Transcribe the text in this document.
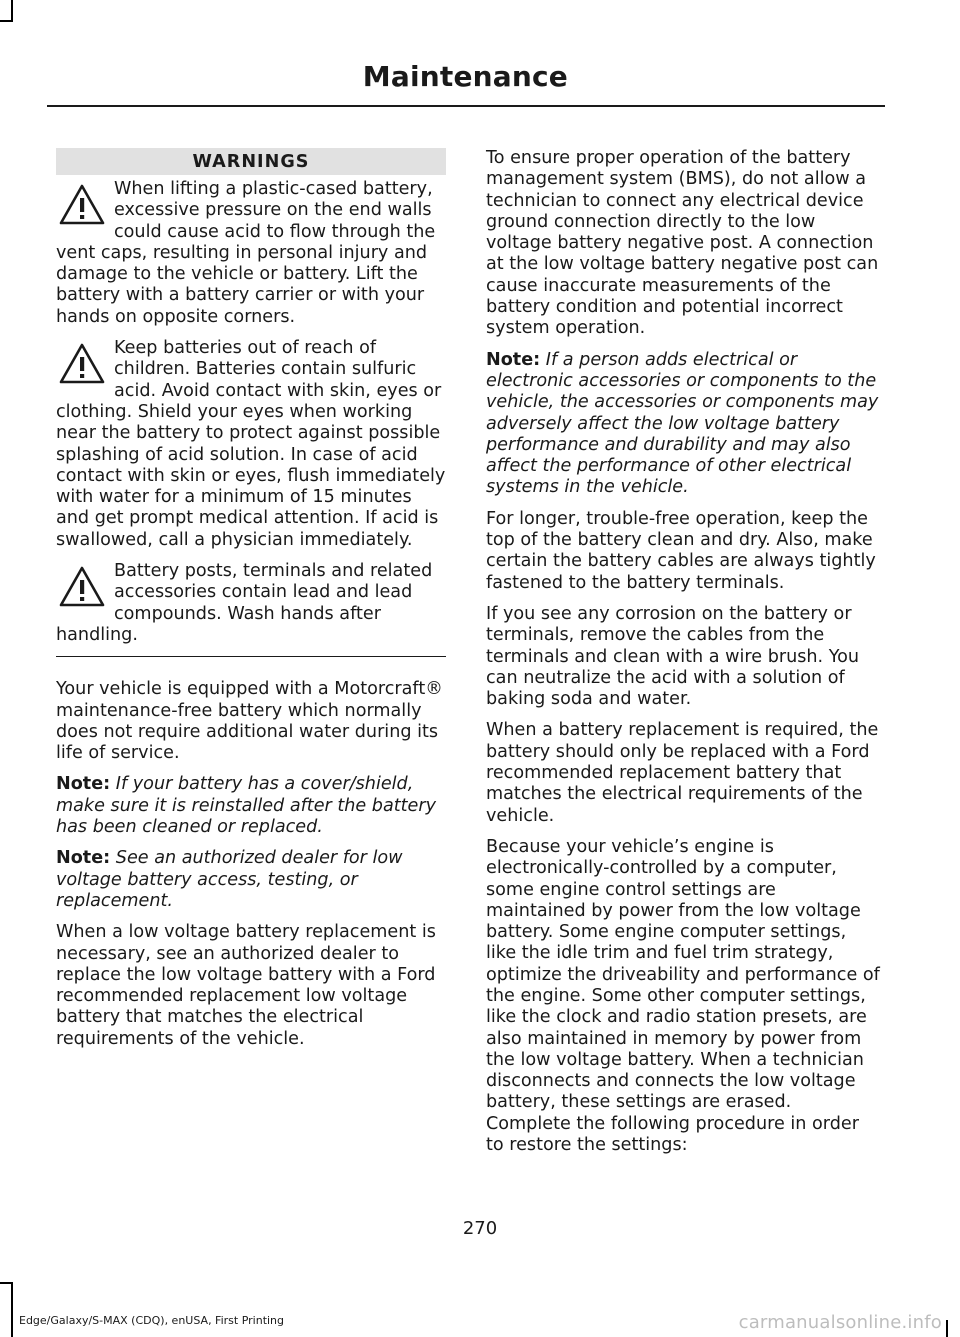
Maintenance
WARNINGS
When lifting a plastic-cased battery, excessive pressure on the end walls could cause acid to flow through the vent caps, resulting in personal injury and damage to the vehicle or battery. Lift the battery with a battery carrier or with your hands on opposite corners.
Keep batteries out of reach of children. Batteries contain sulfuric acid. Avoid contact with skin, eyes or clothing. Shield your eyes when working near the battery to protect against possible splashing of acid solution. In case of acid contact with skin or eyes, flush immediately with water for a minimum of 15 minutes and get prompt medical attention. If acid is swallowed, call a physician immediately.
Battery posts, terminals and related accessories contain lead and lead compounds. Wash hands after handling.

Your vehicle is equipped with a Motorcraft® maintenance-free battery which normally does not require additional water during its life of service.

Note: If your battery has a cover/shield, make sure it is reinstalled after the battery has been cleaned or replaced.

Note: See an authorized dealer for low voltage battery access, testing, or replacement.

When a low voltage battery replacement is necessary, see an authorized dealer to replace the low voltage battery with a Ford recommended replacement low voltage battery that matches the electrical requirements of the vehicle.

To ensure proper operation of the battery management system (BMS), do not allow a technician to connect any electrical device ground connection directly to the low voltage battery negative post. A connection at the low voltage battery negative post can cause inaccurate measurements of the battery condition and potential incorrect system operation.

Note: If a person adds electrical or electronic accessories or components to the vehicle, the accessories or components may adversely affect the low voltage battery performance and durability and may also affect the performance of other electrical systems in the vehicle.

For longer, trouble-free operation, keep the top of the battery clean and dry. Also, make certain the battery cables are always tightly fastened to the battery terminals.

If you see any corrosion on the battery or terminals, remove the cables from the terminals and clean with a wire brush. You can neutralize the acid with a solution of baking soda and water.

When a battery replacement is required, the battery should only be replaced with a Ford recommended replacement battery that matches the electrical requirements of the vehicle.

Because your vehicle’s engine is electronically-controlled by a computer, some engine control settings are maintained by power from the low voltage battery. Some engine computer settings, like the idle trim and fuel trim strategy, optimize the driveability and performance of the engine. Some other computer settings, like the clock and radio station presets, are also maintained in memory by power from the low voltage battery. When a technician disconnects and connects the low voltage battery, these settings are erased. Complete the following procedure in order to restore the settings:

270
Edge/Galaxy/S-MAX (CDQ), enUSA, First Printing	carmanualsonline.info
